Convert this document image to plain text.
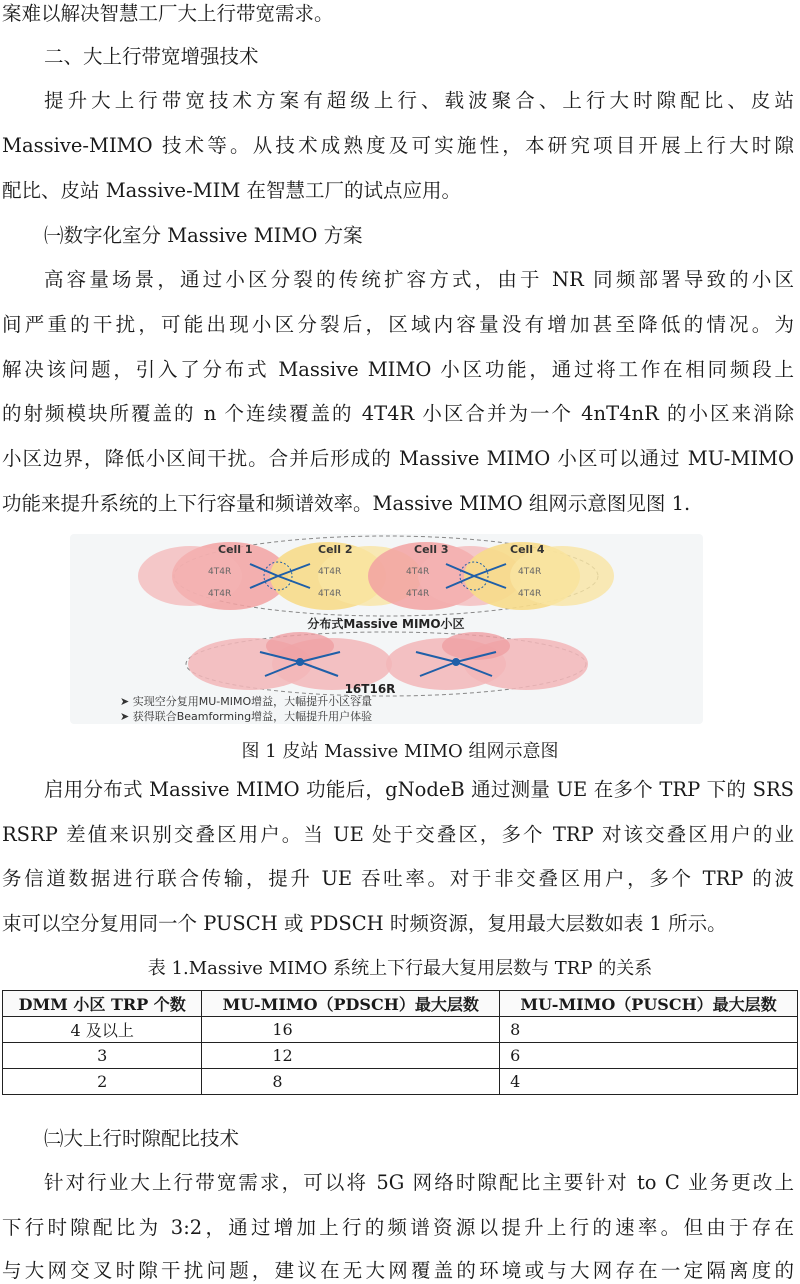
案难以解决智慧工厂大上行带宽需求。
二、大上行带宽增强技术
提升大上行带宽技术方案有超级上行、载波聚合、上行大时隙配比、皮站
Massive-MIMO 技术等。从技术成熟度及可实施性，本研究项目开展上行大时隙
配比、皮站 Massive-MIM 在智慧工厂的试点应用。
㈠数字化室分 Massive MIMO 方案
高容量场景，通过小区分裂的传统扩容方式，由于 NR 同频部署导致的小区
间严重的干扰，可能出现小区分裂后，区域内容量没有增加甚至降低的情况。为
解决该问题，引入了分布式 Massive MIMO 小区功能，通过将工作在相同频段上
的射频模块所覆盖的 n 个连续覆盖的 4T4R 小区合并为一个 4nT4nR 的小区来消除
小区边界，降低小区间干扰。合并后形成的 Massive MIMO 小区可以通过 MU-MIMO
功能来提升系统的上下行容量和频谱效率。Massive MIMO 组网示意图见图 1.
Cell 1	Cell 2	Cell 3	Cell 4
4T4R
4T4R
4T4R
4T4R
4T4R
4T4R
4T4R
4T4R
分布式Massive MIMO小区
16T16R
➤ 实现空分复用MU-MIMO增益，大幅提升小区容量
➤ 获得联合Beamforming增益，大幅提升用户体验
图 1 皮站 Massive MIMO 组网示意图
启用分布式 Massive MIMO 功能后，gNodeB 通过测量 UE 在多个 TRP 下的 SRS
RSRP 差值来识别交叠区用户。当 UE 处于交叠区，多个 TRP 对该交叠区用户的业
务信道数据进行联合传输，提升 UE 吞吐率。对于非交叠区用户，多个 TRP 的波
束可以空分复用同一个 PUSCH 或 PDSCH 时频资源，复用最大层数如表 1 所示。
表 1.Massive MIMO 系统上下行最大复用层数与 TRP 的关系
DMM 小区 TRP 个数	MU-MIMO（PDSCH）最大层数	MU-MIMO（PUSCH）最大层数
4 及以上	16	8
3	12	6
2	8	4
㈡大上行时隙配比技术
针对行业大上行带宽需求，可以将 5G 网络时隙配比主要针对 to C 业务更改上
下行时隙配比为 3:2，通过增加上行的频谱资源以提升上行的速率。但由于存在
与大网交叉时隙干扰问题，建议在无大网覆盖的环境或与大网存在一定隔离度的
